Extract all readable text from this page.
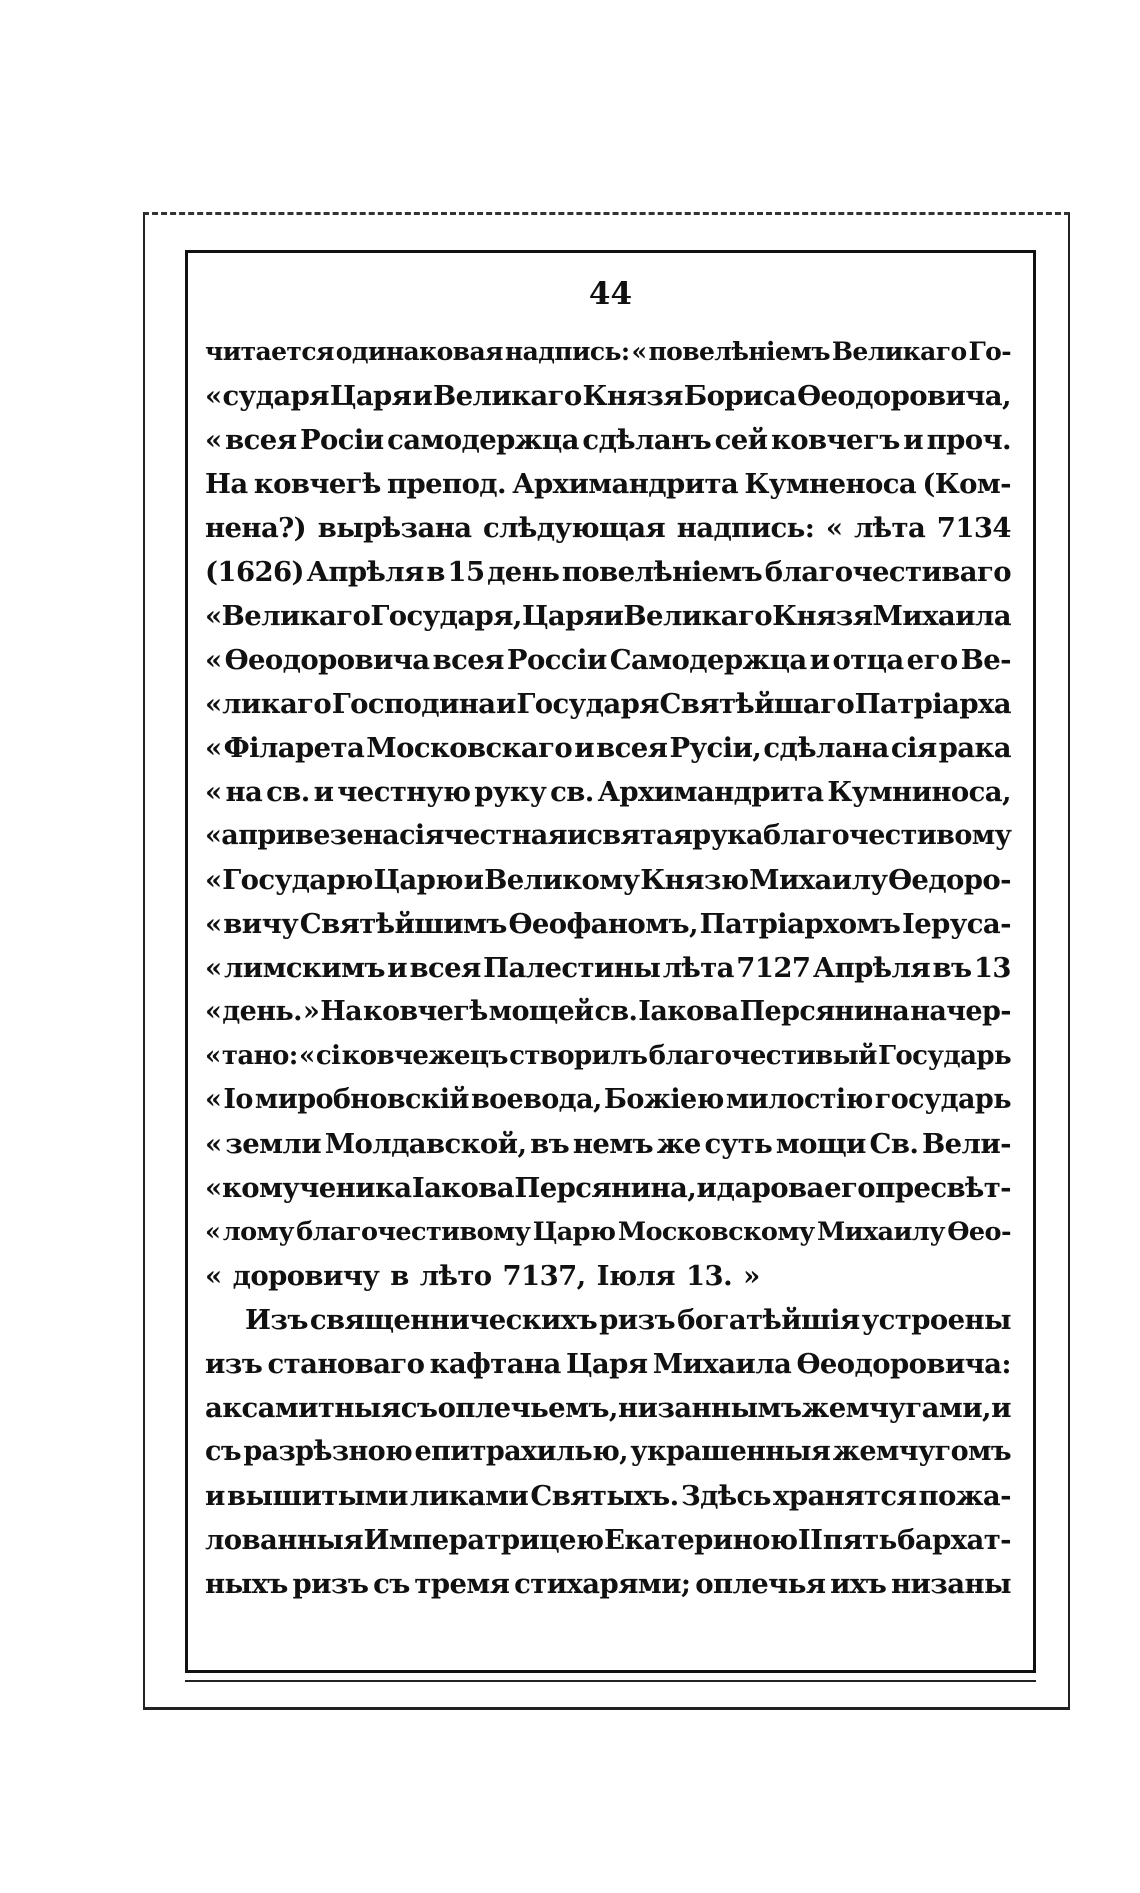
44
читается одинаковая надпись: « повелѣніемъ Великаго Го-
« сударя Царя и Великаго Князя Бориса Ѳеодоровича,
« всея Росіи самодержца сдѣланъ сей ковчегъ и проч.
На ковчегѣ препод. Архимандрита Кумненоса (Ком-
нена?) вырѣзана слѣдующая надпись: « лѣта 7134
(1626) Апрѣля в 15 день повелѣніемъ благочестиваго
« Великаго Государя, Царя и Великаго Князя Михаила
« Ѳеодоровича всея Россіи Самодержца и отца его Ве-
« ликаго Господина и Государя Святѣйшаго Патріарха
« Філарета Московскаго и всея Русіи, сдѣлана сія рака
« на св. и честную руку св. Архимандрита Кумниноса,
« а привезена сія честная и святая рука благочестивому
« Государю Царю и Великому Князю Михаилу Ѳедоро-
« вичу Святѣйшимъ Ѳеофаномъ, Патріархомъ Іеруса-
« лимскимъ и всея Палестины лѣта 7127 Апрѣля въ 13
« день. » На ковчегѣ мощей св. Іакова Персянина начер-
« тано: « сі ковчежецъ створилъ благочестивый Государь
« Іо миробновскій воевода, Божіею милостію государь
« земли Молдавской, въ немъ же суть мощи Св. Вели-
« комученика Іакова Персянина, и дарова его пресвѣт-
« лому благочестивому Царю Московскому Михаилу Ѳео-
« доровичу в лѣто 7137, Іюля 13. »
Изъ священническихъ ризъ богатѣйшія устроены
изъ становаго кафтана Царя Михаила Ѳеодоровича:
аксамитныя съ оплечьемъ, низаннымъ жемчугами, и
съ разрѣзною епитрахилью, украшенныя жемчугомъ
и вышитыми ликами Святыхъ. Здѣсь хранятся пожа-
лованныя Императрицею Екатериною II пять бархат-
ныхъ ризъ съ тремя стихарями; оплечья ихъ низаны
